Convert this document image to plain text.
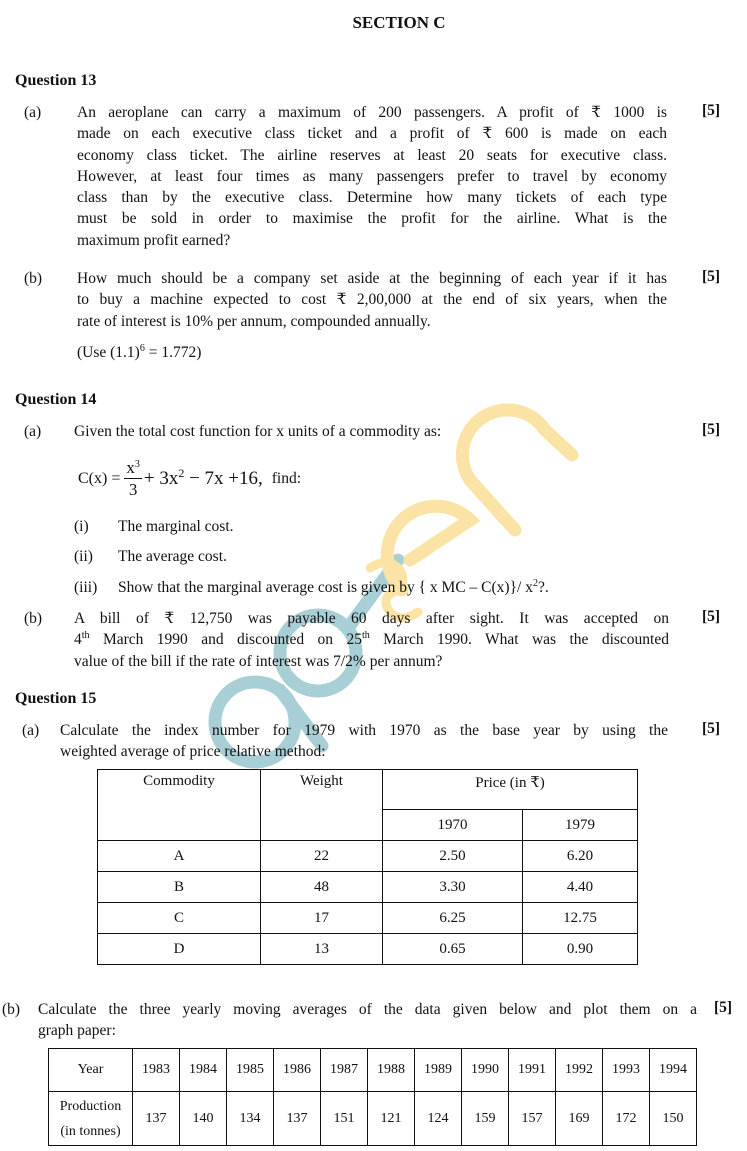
SECTION C
Question 13
(a)	[5]
An aeroplane can carry a maximum of 200 passengers. A profit of ₹ 1000 is
made on each executive class ticket and a profit of ₹ 600 is made on each
economy class ticket. The airline reserves at least 20 seats for executive class.
However, at least four times as many passengers prefer to travel by economy
class than by the executive class. Determine how many tickets of each type
must be sold in order to maximise the profit for the airline. What is the
maximum profit earned?
(b)	[5]
How much should be a company set aside at the beginning of each year if it has
to buy a machine expected to cost ₹ 2,00,000 at the end of six years, when the
rate of interest is 10% per annum, compounded annually.
(Use $(1.1)^6 = 1.772$)
Question 14
(a)	[5]
Given the total cost function for x units of a commodity as:
$C(x) = \frac{x^3}{3} + 3x^2 - 7x +16$, find:
(i) The marginal cost.
(ii) The average cost.
(iii) Show that the marginal average cost is given by { x MC – C(x)}/ $x^2$?.
(b)	[5]
A bill of ₹ 12,750 was payable 60 days after sight. It was accepted on
4th March 1990 and discounted on 25th March 1990. What was the discounted
value of the bill if the rate of interest was 7/2% per annum?
Question 15
(a)	[5]
Calculate the index number for 1979 with 1970 as the base year by using the
weighted average of price relative method:
Commodity	Weight	Price (in ₹)	
		1970	1979
A	22	2.50	6.20
B	48	3.30	4.40
C	17	6.25	12.75
D	13	0.65	0.90
(b)	[5]
Calculate the three yearly moving averages of the data given below and plot them on a
graph paper:
Year	1983	1984	1985	1986	1987	1988	1989	1990	1991	1992	1993	1994

Production
(in tonnes)	137	140	134	137	151	121	124	159	157	169	172	150
